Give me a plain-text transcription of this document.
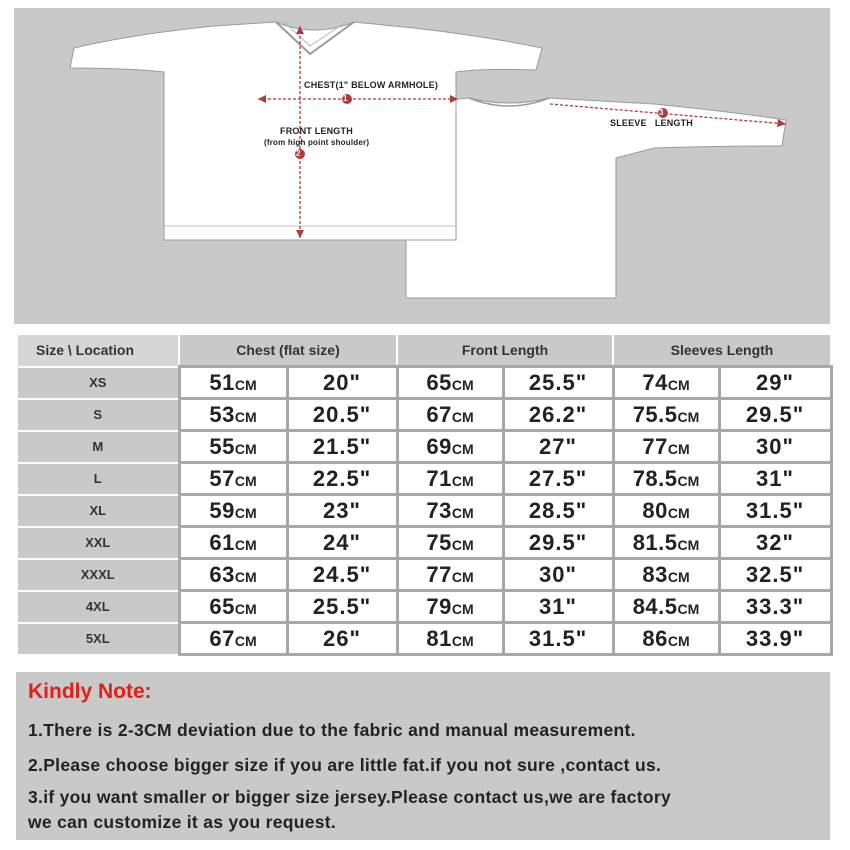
CHEST(1" BELOW ARMHOLE)
1
FRONT LENGTH
(from high point shoulder)
2
SLEEVE   LENGTH
3
Size \ Location	Chest (flat size)		Front Length		Sleeves Length	
XS	51CM	20"	65CM	25.5"	74CM	29"
S	53CM	20.5"	67CM	26.2"	75.5CM	29.5"
M	55CM	21.5"	69CM	27"	77CM	30"
L	57CM	22.5"	71CM	27.5"	78.5CM	31"
XL	59CM	23"	73CM	28.5"	80CM	31.5"
XXL	61CM	24"	75CM	29.5"	81.5CM	32"
XXXL	63CM	24.5"	77CM	30"	83CM	32.5"
4XL	65CM	25.5"	79CM	31"	84.5CM	33.3"
5XL	67CM	26"	81CM	31.5"	86CM	33.9"
Kindly Note:
1.There is 2-3CM deviation due to the fabric and manual measurement.
2.Please choose bigger size if you are little fat.if you not sure ,contact us.
3.if you want smaller or bigger size jersey.Please contact us,we are factory
we can customize it as you request.
